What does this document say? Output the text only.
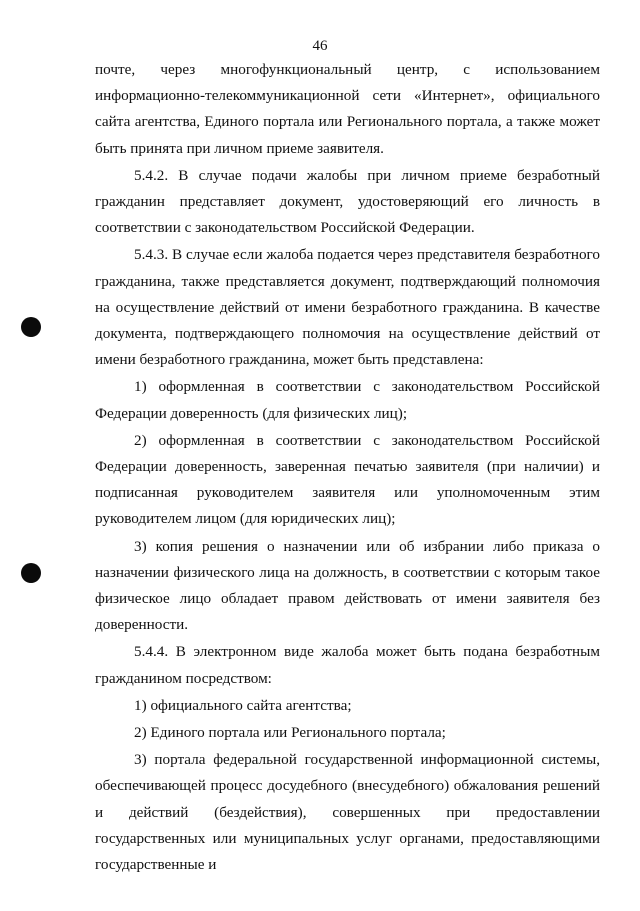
46

почте, через многофункциональный центр, с использованием информационно-телекоммуникационной сети «Интернет», официального сайта агентства, Единого портала или Регионального портала, а также может быть принята при личном приеме заявителя.

5.4.2. В случае подачи жалобы при личном приеме безработный гражданин представляет документ, удостоверяющий его личность в соответствии с законодательством Российской Федерации.

5.4.3. В случае если жалоба подается через представителя безработного гражданина, также представляется документ, подтверждающий полномочия на осуществление действий от имени безработного гражданина. В качестве документа, подтверждающего полномочия на осуществление действий от имени безработного гражданина, может быть представлена:

1) оформленная в соответствии с законодательством Российской Федерации доверенность (для физических лиц);

2) оформленная в соответствии с законодательством Российской Федерации доверенность, заверенная печатью заявителя (при наличии) и подписанная руководителем заявителя или уполномоченным этим руководителем лицом (для юридических лиц);

3) копия решения о назначении или об избрании либо приказа о назначении физического лица на должность, в соответствии с которым такое физическое лицо обладает правом действовать от имени заявителя без доверенности.

5.4.4. В электронном виде жалоба может быть подана безработным гражданином посредством:

1) официального сайта агентства;

2) Единого портала или Регионального портала;

3) портала федеральной государственной информационной системы, обеспечивающей процесс досудебного (внесудебного) обжалования решений и действий (бездействия), совершенных при предоставлении государственных или муниципальных услуг органами, предоставляющими государственные и
